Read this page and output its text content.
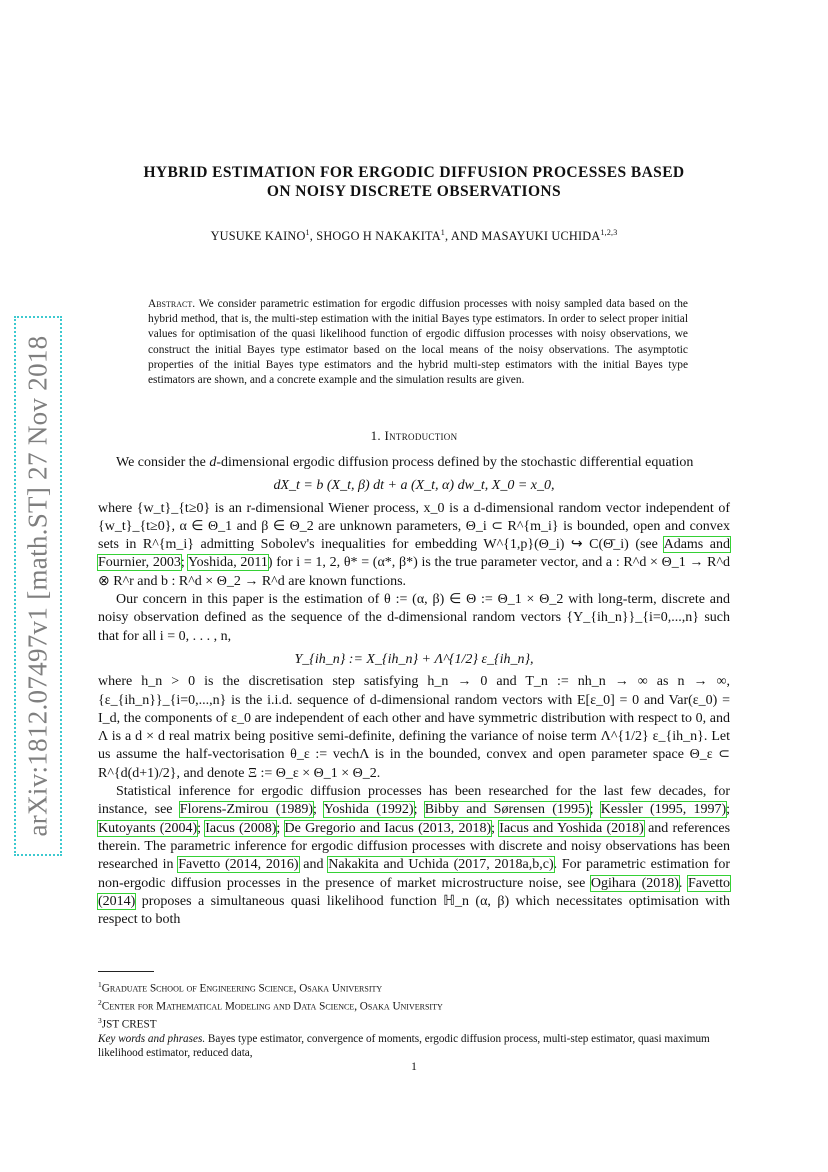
arXiv:1812.07497v1 [math.ST] 27 Nov 2018
HYBRID ESTIMATION FOR ERGODIC DIFFUSION PROCESSES BASED
ON NOISY DISCRETE OBSERVATIONS
YUSUKE KAINO$^1$, SHOGO H NAKAKITA$^1$, AND MASAYUKI UCHIDA$^{1,2,3}$
Abstract. We consider parametric estimation for ergodic diffusion processes with noisy sampled data based on the hybrid method, that is, the multi-step estimation with the initial Bayes type estimators. In order to select proper initial values for optimisation of the quasi likelihood function of ergodic diffusion processes with noisy observations, we construct the initial Bayes type estimator based on the local means of the noisy observations. The asymptotic properties of the initial Bayes type estimators and the hybrid multi-step estimators with the initial Bayes type estimators are shown, and a concrete example and the simulation results are given.
1. Introduction

We consider the d-dimensional ergodic diffusion process defined by the stochastic differential equation

dX_t = b (X_t, β) dt + a (X_t, α) dw_t, X_0 = x_0,

where {w_t}_{t≥0} is an r-dimensional Wiener process, x_0 is a d-dimensional random vector independent of {w_t}_{t≥0}, α ∈ Θ_1 and β ∈ Θ_2 are unknown parameters, Θ_i ⊂ R^{m_i} is bounded, open and convex sets in R^{m_i} admitting Sobolev's inequalities for embedding W^{1,p}(Θ_i) ↪ C(Θ̄_i) (see Adams and Fournier, 2003; Yoshida, 2011) for i = 1, 2, θ* = (α*, β*) is the true parameter vector, and a : R^d × Θ_1 → R^d ⊗ R^r and b : R^d × Θ_2 → R^d are known functions.

Our concern in this paper is the estimation of θ := (α, β) ∈ Θ := Θ_1 × Θ_2 with long-term, discrete and noisy observation defined as the sequence of the d-dimensional random vectors {Y_{ih_n}}_{i=0,...,n} such that for all i = 0, . . . , n,

Y_{ih_n} := X_{ih_n} + Λ^{1/2} ε_{ih_n},

where h_n > 0 is the discretisation step satisfying h_n → 0 and T_n := nh_n → ∞ as n → ∞, {ε_{ih_n}}_{i=0,...,n} is the i.i.d. sequence of d-dimensional random vectors with E[ε_0] = 0 and Var(ε_0) = I_d, the components of ε_0 are independent of each other and have symmetric distribution with respect to 0, and Λ is a d × d real matrix being positive semi-definite, defining the variance of noise term Λ^{1/2} ε_{ih_n}. Let us assume the half-vectorisation θ_ε := vechΛ is in the bounded, convex and open parameter space Θ_ε ⊂ R^{d(d+1)/2}, and denote Ξ := Θ_ε × Θ_1 × Θ_2.

Statistical inference for ergodic diffusion processes has been researched for the last few decades, for instance, see Florens-Zmirou (1989); Yoshida (1992); Bibby and Sørensen (1995); Kessler (1995, 1997); Kutoyants (2004); Iacus (2008); De Gregorio and Iacus (2013, 2018); Iacus and Yoshida (2018) and references therein. The parametric inference for ergodic diffusion processes with discrete and noisy observations has been researched in Favetto (2014, 2016) and Nakakita and Uchida (2017, 2018a,b,c). For parametric estimation for non-ergodic diffusion processes in the presence of market microstructure noise, see Ogihara (2018). Favetto (2014) proposes a simultaneous quasi likelihood function ℍ_n (α, β) which necessitates optimisation with respect to both

$^1$Graduate School of Engineering Science, Osaka University
$^2$Center for Mathematical Modeling and Data Science, Osaka University
$^3$JST CREST
Key words and phrases. Bayes type estimator, convergence of moments, ergodic diffusion process, multi-step estimator, quasi maximum likelihood estimator, reduced data,
1
